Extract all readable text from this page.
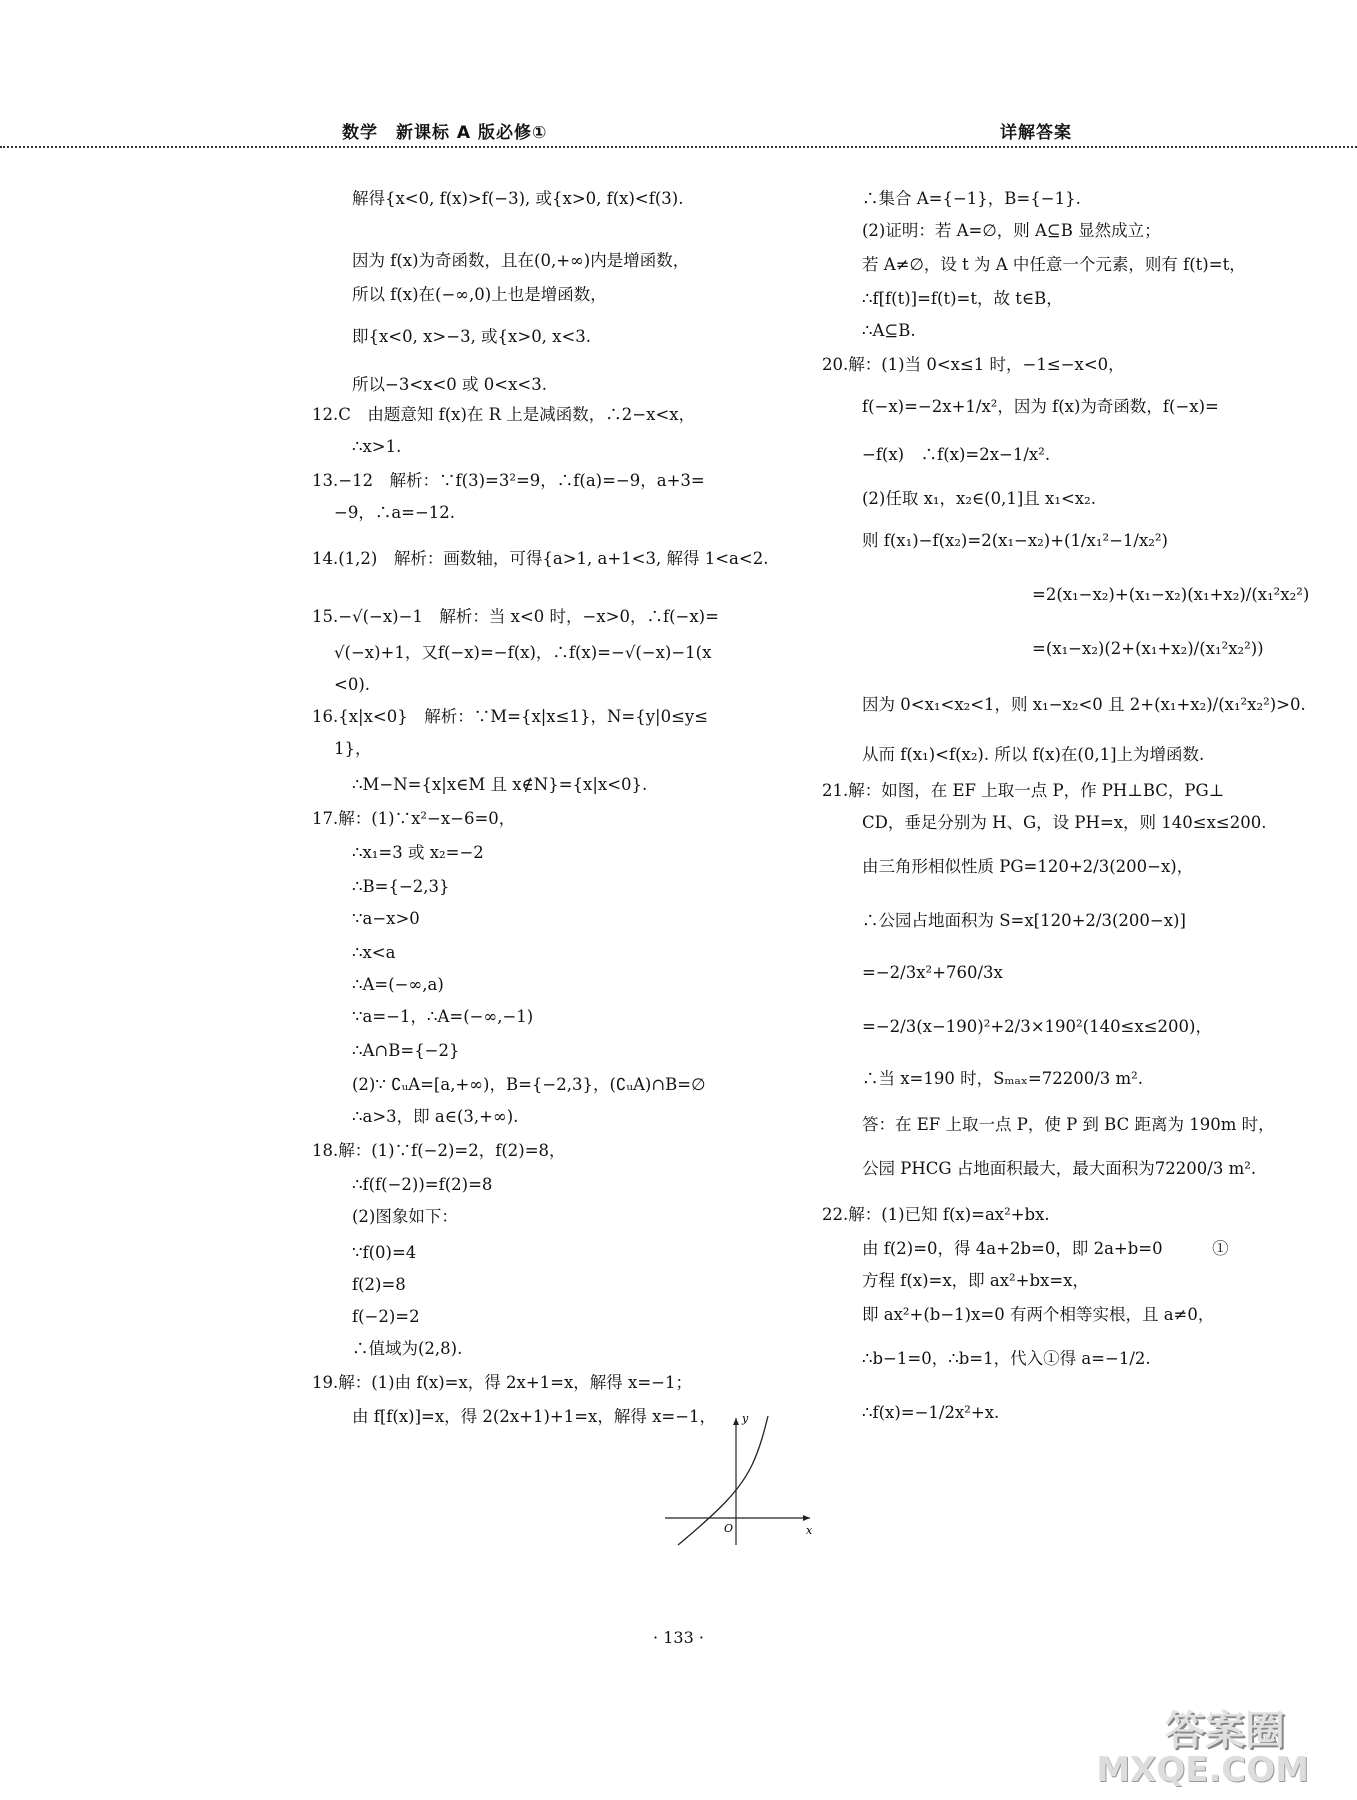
数学　新课标 A 版必修①	详解答案
解得{x<0, f(x)>f(−3), 或{x>0, f(x)<f(3).
因为 f(x)为奇函数，且在(0,+∞)内是增函数，
所以 f(x)在(−∞,0)上也是增函数，
即{x<0, x>−3, 或{x>0, x<3.
所以−3<x<0 或 0<x<3.
12.C　由题意知 f(x)在 R 上是减函数，∴2−x<x，
∴x>1.
13.−12　解析：∵f(3)=3²=9，∴f(a)=−9，a+3=
−9，∴a=−12.
14.(1,2)　解析：画数轴，可得{a>1, a+1<3, 解得 1<a<2.
15.−√(−x)−1　解析：当 x<0 时，−x>0，∴f(−x)=
√(−x)+1，又f(−x)=−f(x)，∴f(x)=−√(−x)−1(x
<0).
16.{x|x<0}　解析：∵M={x|x≤1}，N={y|0≤y≤
1}，
∴M−N={x|x∈M 且 x∉N}={x|x<0}.
17.解：(1)∵x²−x−6=0，
∴x₁=3 或 x₂=−2
∴B={−2,3}
∵a−x>0
∴x<a
∴A=(−∞,a)
∵a=−1，∴A=(−∞,−1)
∴A∩B={−2}
(2)∵ ∁ᵤA=[a,+∞)，B={−2,3}，(∁ᵤA)∩B=∅
∴a>3，即 a∈(3,+∞).
18.解：(1)∵f(−2)=2，f(2)=8，
∴f(f(−2))=f(2)=8
(2)图象如下：
∵f(0)=4
f(2)=8
f(−2)=2
∴值域为(2,8).
19.解：(1)由 f(x)=x，得 2x+1=x，解得 x=−1；
由 f[f(x)]=x，得 2(2x+1)+1=x，解得 x=−1， y
x
O
∴集合 A={−1}，B={−1}.
(2)证明：若 A=∅，则 A⊆B 显然成立；
若 A≠∅，设 t 为 A 中任意一个元素，则有 f(t)=t，
∴f[f(t)]=f(t)=t，故 t∈B，
∴A⊆B.
20.解：(1)当 0<x≤1 时，−1≤−x<0，
f(−x)=−2x+1/x²，因为 f(x)为奇函数，f(−x)=
−f(x)　∴f(x)=2x−1/x².
(2)任取 x₁，x₂∈(0,1]且 x₁<x₂.
则 f(x₁)−f(x₂)=2(x₁−x₂)+(1/x₁²−1/x₂²)
=2(x₁−x₂)+(x₁−x₂)(x₁+x₂)/(x₁²x₂²)
=(x₁−x₂)(2+(x₁+x₂)/(x₁²x₂²))
因为 0<x₁<x₂<1，则 x₁−x₂<0 且 2+(x₁+x₂)/(x₁²x₂²)>0.
从而 f(x₁)<f(x₂). 所以 f(x)在(0,1]上为增函数.
21.解：如图，在 EF 上取一点 P，作 PH⊥BC，PG⊥
CD，垂足分别为 H、G，设 PH=x，则 140≤x≤200.
由三角形相似性质 PG=120+2/3(200−x)，
∴公园占地面积为 S=x[120+2/3(200−x)]
=−2/3x²+760/3x
=−2/3(x−190)²+2/3×190²(140≤x≤200)，
∴当 x=190 时，Sₘₐₓ=72200/3 m².
答：在 EF 上取一点 P，使 P 到 BC 距离为 190m 时，
公园 PHCG 占地面积最大，最大面积为72200/3 m².
22.解：(1)已知 f(x)=ax²+bx.
由 f(2)=0，得 4a+2b=0，即 2a+b=0　　　①
方程 f(x)=x，即 ax²+bx=x，
即 ax²+(b−1)x=0 有两个相等实根，且 a≠0，
∴b−1=0，∴b=1，代入①得 a=−1/2.
∴f(x)=−1/2x²+x.
· 133 ·
答案圈
MXQE.COM
